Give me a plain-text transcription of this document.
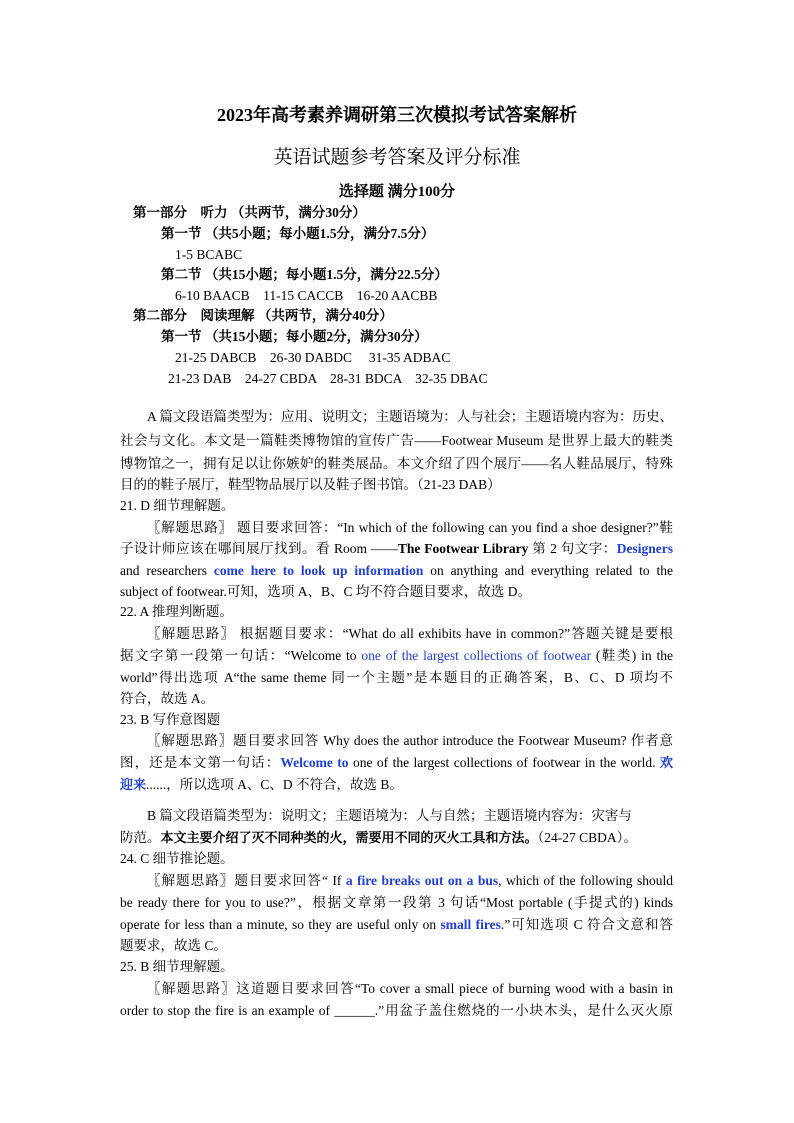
2023年高考素养调研第三次模拟考试答案解析
英语试题参考答案及评分标准
选择题 满分100分
第一部分　听力 （共两节，满分30分）
第一节 （共5小题；每小题1.5分，满分7.5分）
1-5 BCABC
第二节 （共15小题；每小题1.5分，满分22.5分）
6-10 BAACB　11-15 CACCB　16-20 AACBB
第二部分　阅读理解 （共两节，满分40分）
第一节 （共15小题；每小题2分，满分30分）
21-25 DABCB　26-30 DABDC　 31-35 ADBAC
21-23 DAB　24-27 CBDA　28-31 BDCA　32-35 DBAC
A 篇文段语篇类型为：应用、说明文；主题语境为：人与社会；主题语境内容为：历史、
社会与文化。本文是一篇鞋类博物馆的宣传广告——Footwear Museum 是世界上最大的鞋类
博物馆之一，拥有足以让你嫉妒的鞋类展品。本文介绍了四个展厅——名人鞋品展厅，特殊
目的的鞋子展厅，鞋型物品展厅以及鞋子图书馆。（21-23 DAB）
21. D 细节理解题。
〖解题思路〗 题目要求回答：“In which of the following can you find a shoe designer?”鞋
子设计师应该在哪间展厅找到。看 Room ——The Footwear Library 第 2 句文字：Designers
and researchers come here to look up information on anything and everything related to the
subject of footwear.可知，选项 A、B、C 均不符合题目要求，故选 D。
22. A 推理判断题。
〖解题思路〗 根据题目要求：“What do all exhibits have in common?”答题关键是要根
据文字第一段第一句话：“Welcome to one of the largest collections of footwear (鞋类) in the
world”得出选项 A“the same theme 同一个主题”是本题目的正确答案，B、C、D 项均不
符合，故选 A。
23. B 写作意图题
〖解题思路〗题目要求回答 Why does the author introduce the Footwear Museum? 作者意
图，还是本文第一句话：Welcome to one of the largest collections of footwear in the world. 欢
迎来......，所以选项 A、C、D 不符合，故选 B。
B 篇文段语篇类型为：说明文；主题语境为：人与自然；主题语境内容为：灾害与
防范。本文主要介绍了灭不同种类的火，需要用不同的灭火工具和方法。（24-27 CBDA）。
24. C 细节推论题。
〖解题思路〗题目要求回答“ If a fire breaks out on a bus, which of the following should
be ready there for you to use?”，根据文章第一段第 3 句话“Most portable (手提式的) kinds
operate for less than a minute, so they are useful only on small fires.”可知选项 C 符合文意和答
题要求，故选 C。
25. B 细节理解题。
〖解题思路〗这道题目要求回答“To cover a small piece of burning wood with a basin in
order to stop the fire is an example of ______.”用盆子盖住燃烧的一小块木头，是什么灭火原
